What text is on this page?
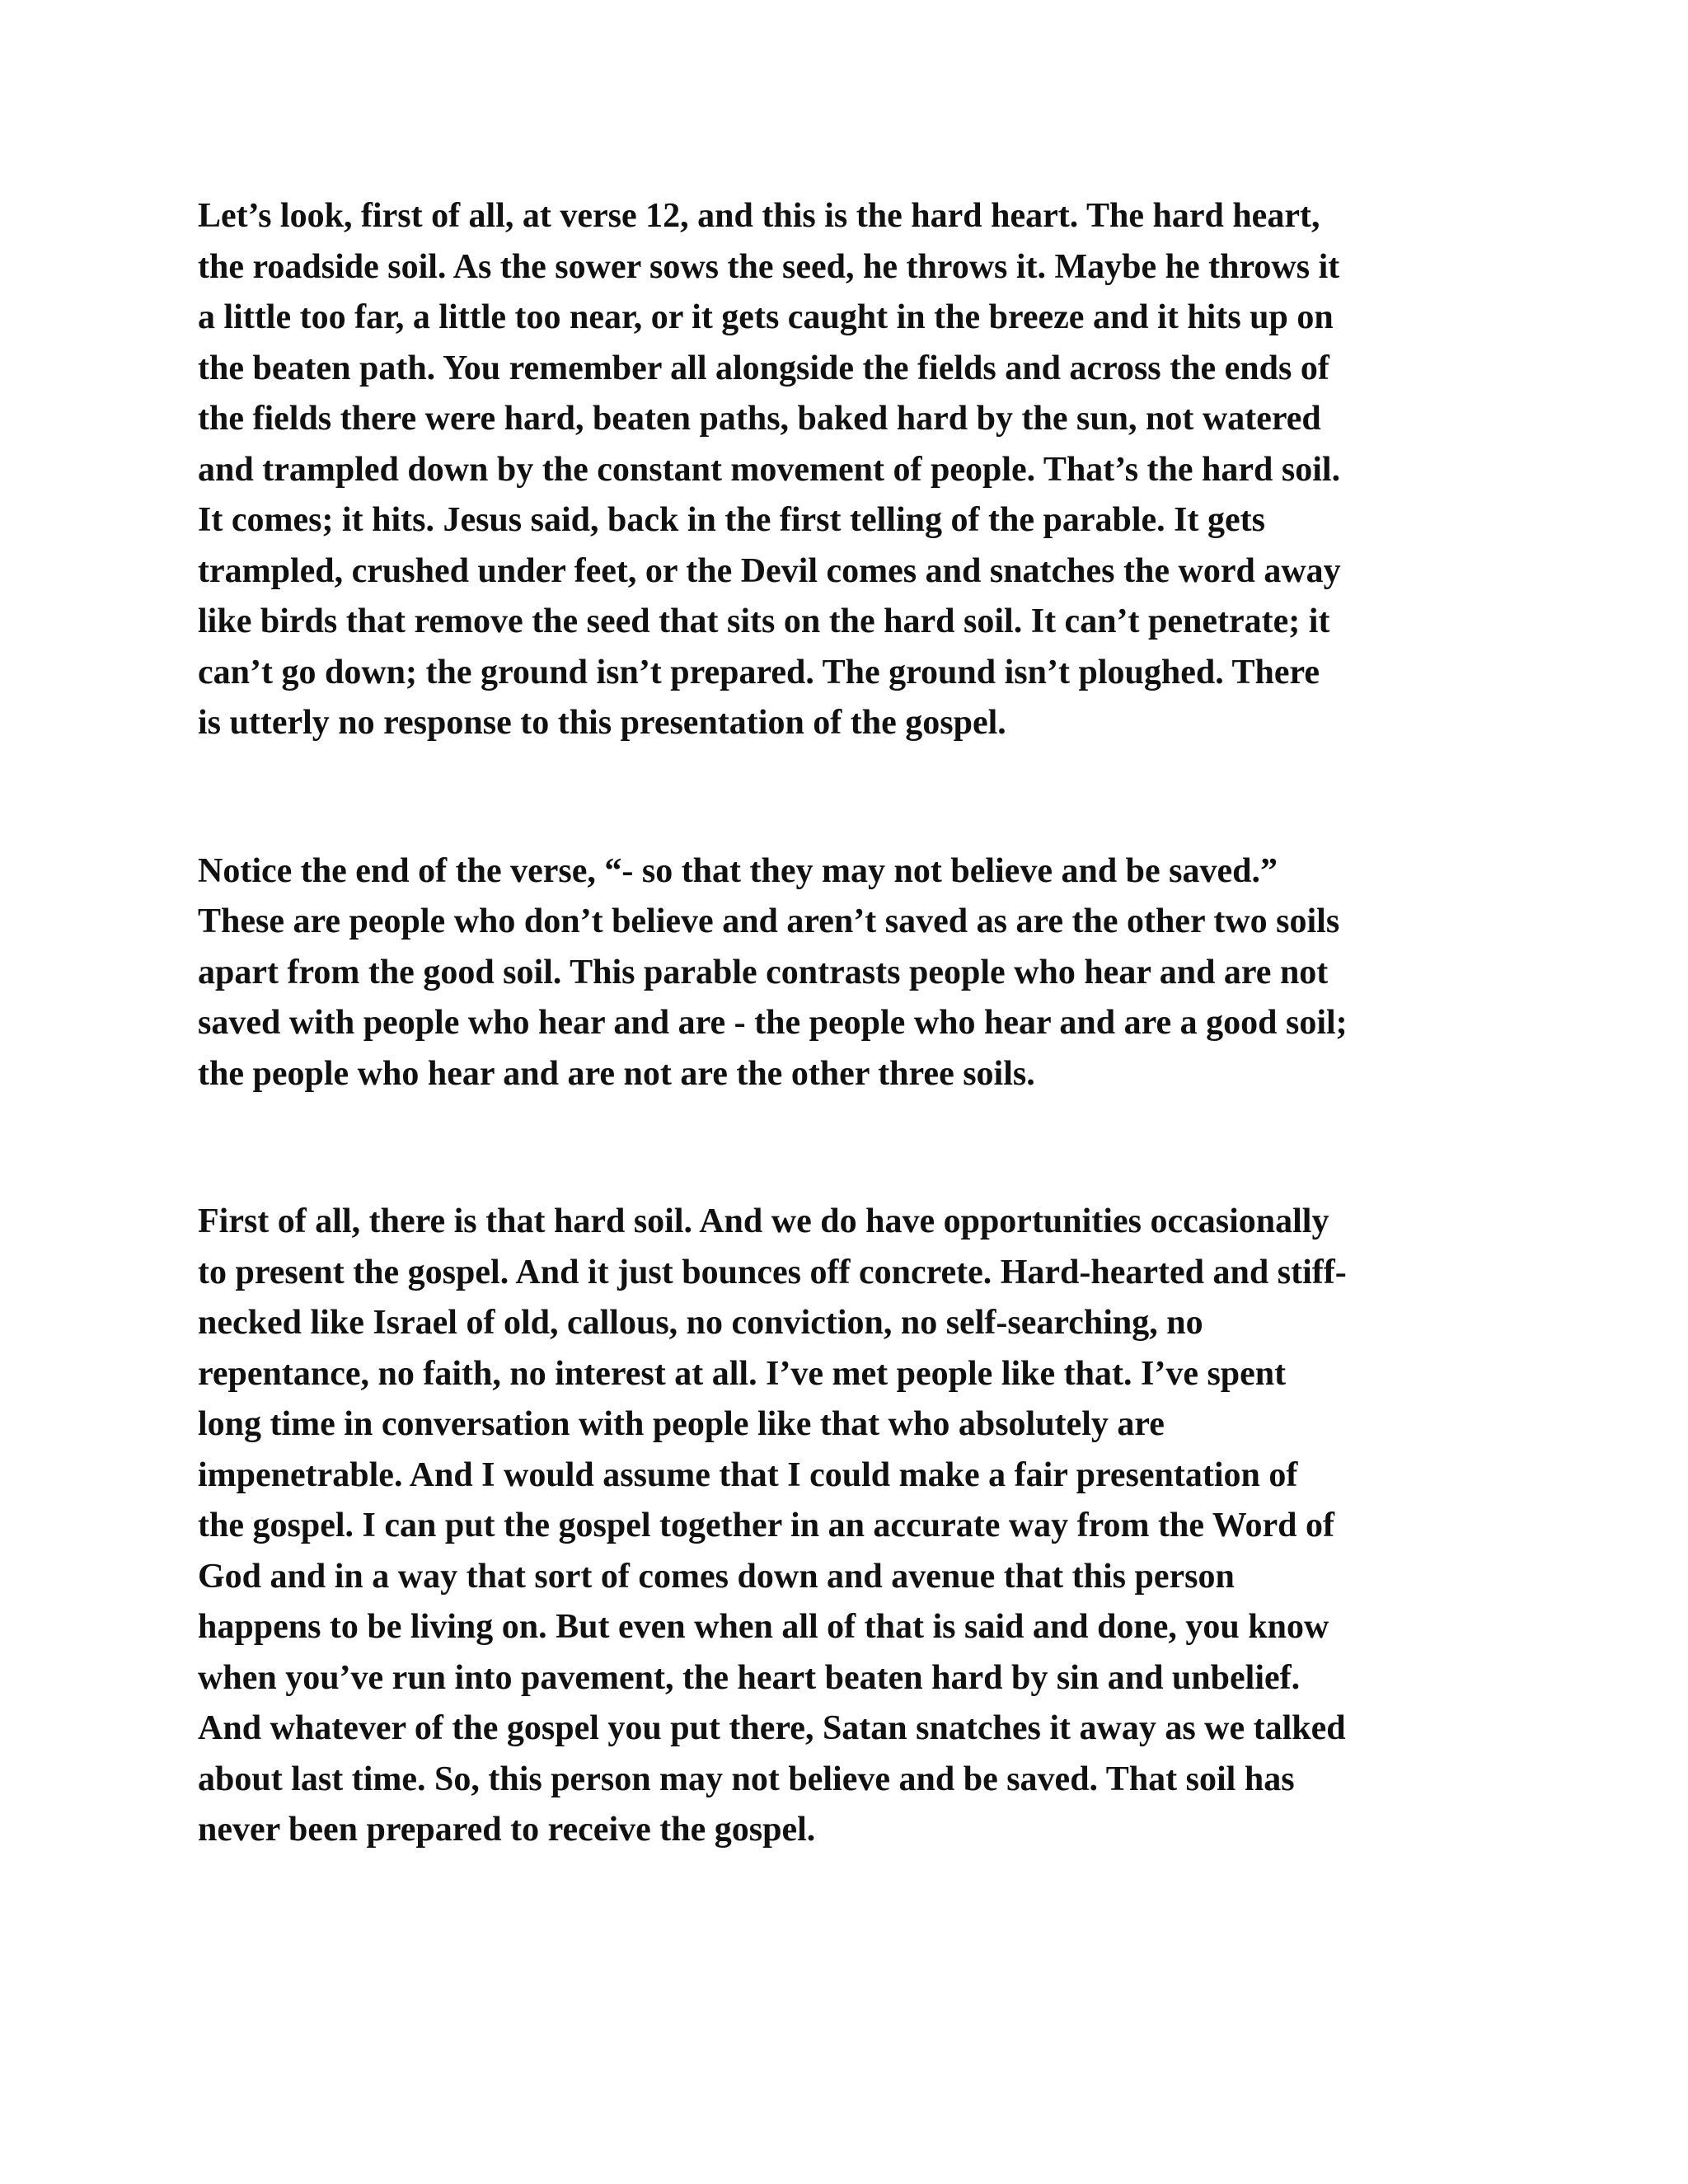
Let’s look, first of all, at verse 12, and this is the hard heart. The hard heart,
the roadside soil. As the sower sows the seed, he throws it. Maybe he throws it
a little too far, a little too near, or it gets caught in the breeze and it hits up on
the beaten path. You remember all alongside the fields and across the ends of
the fields there were hard, beaten paths, baked hard by the sun, not watered
and trampled down by the constant movement of people. That’s the hard soil.
It comes; it hits. Jesus said, back in the first telling of the parable. It gets
trampled, crushed under feet, or the Devil comes and snatches the word away
like birds that remove the seed that sits on the hard soil. It can’t penetrate; it
can’t go down; the ground isn’t prepared. The ground isn’t ploughed. There
is utterly no response to this presentation of the gospel.

Notice the end of the verse, “- so that they may not believe and be saved.”
These are people who don’t believe and aren’t saved as are the other two soils
apart from the good soil. This parable contrasts people who hear and are not
saved with people who hear and are - the people who hear and are a good soil;
the people who hear and are not are the other three soils.

First of all, there is that hard soil. And we do have opportunities occasionally
to present the gospel. And it just bounces off concrete. Hard-hearted and stiff-
necked like Israel of old, callous, no conviction, no self-searching, no
repentance, no faith, no interest at all. I’ve met people like that. I’ve spent
long time in conversation with people like that who absolutely are
impenetrable. And I would assume that I could make a fair presentation of
the gospel. I can put the gospel together in an accurate way from the Word of
God and in a way that sort of comes down and avenue that this person
happens to be living on. But even when all of that is said and done, you know
when you’ve run into pavement, the heart beaten hard by sin and unbelief.
And whatever of the gospel you put there, Satan snatches it away as we talked
about last time. So, this person may not believe and be saved. That soil has
never been prepared to receive the gospel.
